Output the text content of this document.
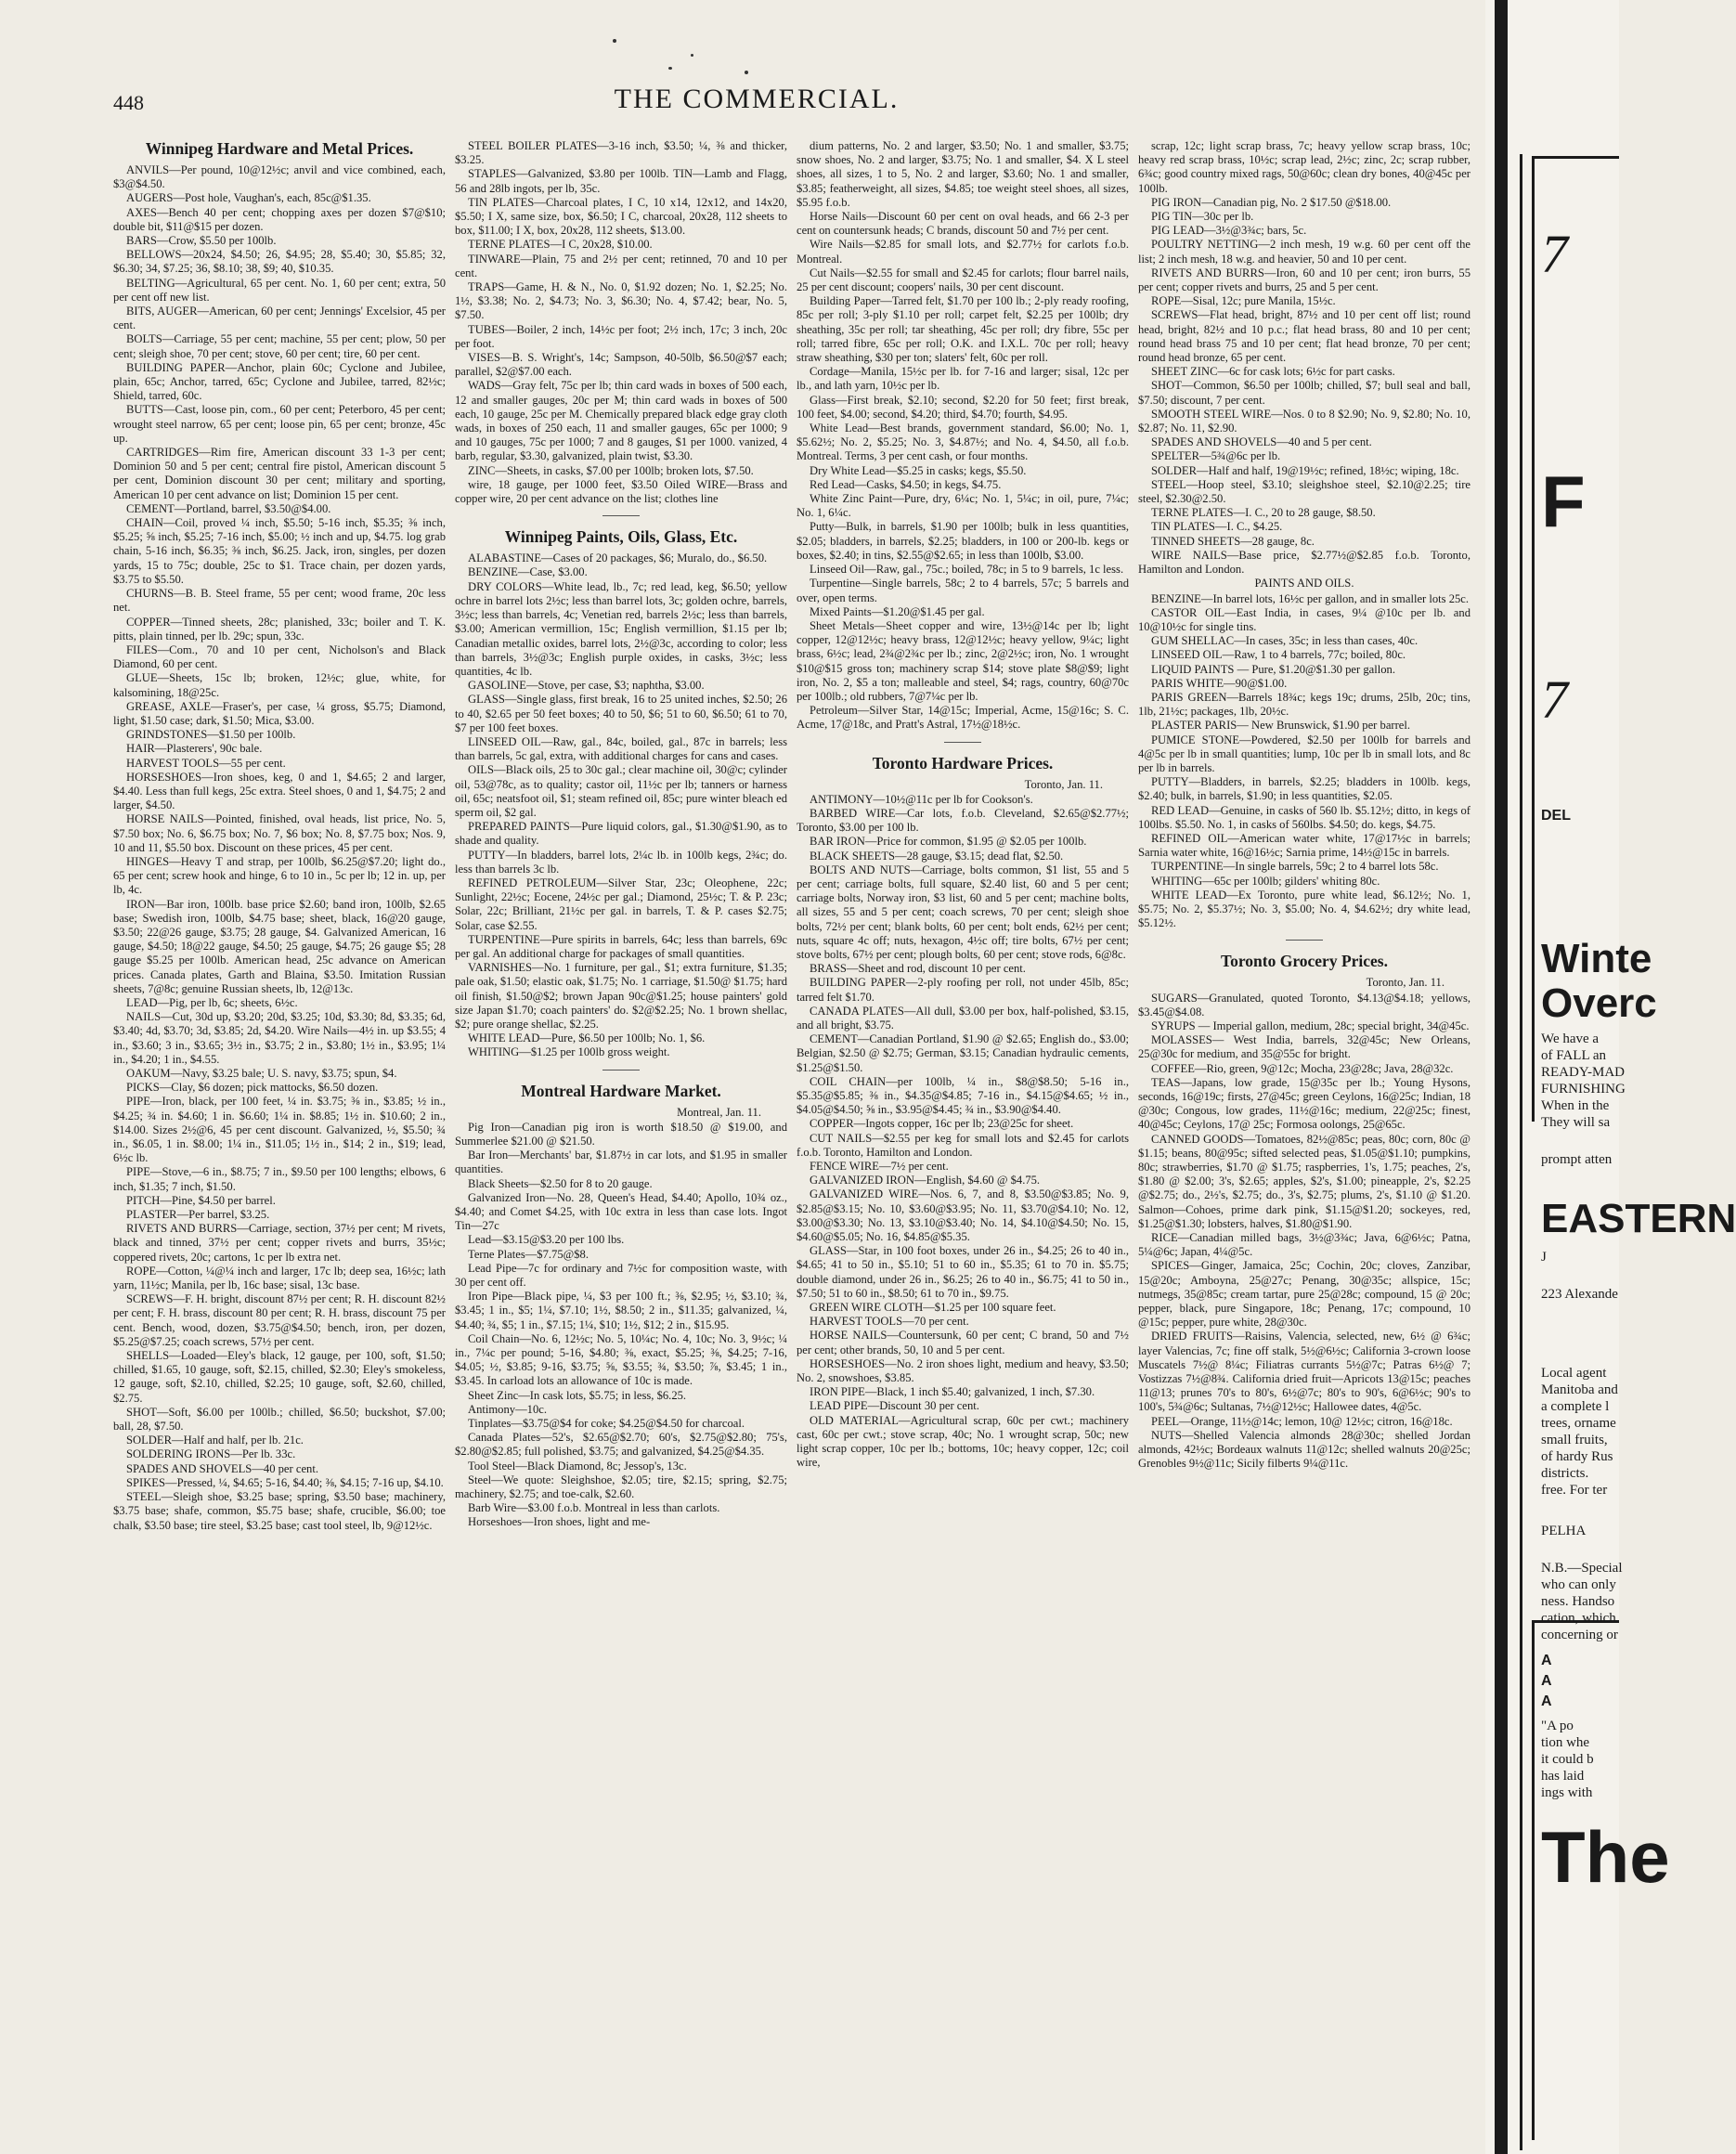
448	THE COMMERCIAL.
Winnipeg Hardware and Metal Prices.

ANVILS—Per pound, 10@12½c; anvil and vice combined, each, $3@$4.50.

AUGERS—Post hole, Vaughan's, each, 85c@$1.35.

AXES—Bench 40 per cent; chopping axes per dozen $7@$10; double bit, $11@$15 per dozen.

BARS—Crow, $5.50 per 100lb.

BELLOWS—20x24, $4.50; 26, $4.95; 28, $5.40; 30, $5.85; 32, $6.30; 34, $7.25; 36, $8.10; 38, $9; 40, $10.35.

BELTING—Agricultural, 65 per cent. No. 1, 60 per cent; extra, 50 per cent off new list.

BITS, AUGER—American, 60 per cent; Jennings' Excelsior, 45 per cent.

BOLTS—Carriage, 55 per cent; machine, 55 per cent; plow, 50 per cent; sleigh shoe, 70 per cent; stove, 60 per cent; tire, 60 per cent.

BUILDING PAPER—Anchor, plain 60c; Cyclone and Jubilee, plain, 65c; Anchor, tarred, 65c; Cyclone and Jubilee, tarred, 82½c; Shield, tarred, 60c.

BUTTS—Cast, loose pin, com., 60 per cent; Peterboro, 45 per cent; wrought steel narrow, 65 per cent; loose pin, 65 per cent; bronze, 45c up.

CARTRIDGES—Rim fire, American discount 33 1-3 per cent; Dominion 50 and 5 per cent; central fire pistol, American discount 5 per cent, Dominion discount 30 per cent; military and sporting, American 10 per cent advance on list; Dominion 15 per cent.

CEMENT—Portland, barrel, $3.50@$4.00.

CHAIN—Coil, proved ¼ inch, $5.50; 5-16 inch, $5.35; ⅜ inch, $5.25; ⅝ inch, $5.25; 7-16 inch, $5.00; ½ inch and up, $4.75. log grab chain, 5-16 inch, $6.35; ⅜ inch, $6.25. Jack, iron, singles, per dozen yards, 15 to 75c; double, 25c to $1. Trace chain, per dozen yards, $3.75 to $5.50.

CHURNS—B. B. Steel frame, 55 per cent; wood frame, 20c less net.

COPPER—Tinned sheets, 28c; planished, 33c; boiler and T. K. pitts, plain tinned, per lb. 29c; spun, 33c.

FILES—Com., 70 and 10 per cent, Nicholson's and Black Diamond, 60 per cent.

GLUE—Sheets, 15c lb; broken, 12½c; glue, white, for kalsomining, 18@25c.

GREASE, AXLE—Fraser's, per case, ¼ gross, $5.75; Diamond, light, $1.50 case; dark, $1.50; Mica, $3.00.

GRINDSTONES—$1.50 per 100lb.

HAIR—Plasterers', 90c bale.

HARVEST TOOLS—55 per cent.

HORSESHOES—Iron shoes, keg, 0 and 1, $4.65; 2 and larger, $4.40. Less than full kegs, 25c extra. Steel shoes, 0 and 1, $4.75; 2 and larger, $4.50.

HORSE NAILS—Pointed, finished, oval heads, list price, No. 5, $7.50 box; No. 6, $6.75 box; No. 7, $6 box; No. 8, $7.75 box; Nos. 9, 10 and 11, $5.50 box. Discount on these prices, 45 per cent.

HINGES—Heavy T and strap, per 100lb, $6.25@$7.20; light do., 65 per cent; screw hook and hinge, 6 to 10 in., 5c per lb; 12 in. up, per lb, 4c.

IRON—Bar iron, 100lb. base price $2.60; band iron, 100lb, $2.65 base; Swedish iron, 100lb, $4.75 base; sheet, black, 16@20 gauge, $3.50; 22@26 gauge, $3.75; 28 gauge, $4. Galvanized American, 16 gauge, $4.50; 18@22 gauge, $4.50; 25 gauge, $4.75; 26 gauge $5; 28 gauge $5.25 per 100lb. American head, 25c advance on American prices. Canada plates, Garth and Blaina, $3.50. Imitation Russian sheets, 7@8c; genuine Russian sheets, lb, 12@13c.

LEAD—Pig, per lb, 6c; sheets, 6½c.

NAILS—Cut, 30d up, $3.20; 20d, $3.25; 10d, $3.30; 8d, $3.35; 6d, $3.40; 4d, $3.70; 3d, $3.85; 2d, $4.20. Wire Nails—4½ in. up $3.55; 4 in., $3.60; 3 in., $3.65; 3½ in., $3.75; 2 in., $3.80; 1½ in., $3.95; 1¼ in., $4.20; 1 in., $4.55.

OAKUM—Navy, $3.25 bale; U. S. navy, $3.75; spun, $4.

PICKS—Clay, $6 dozen; pick mattocks, $6.50 dozen.

PIPE—Iron, black, per 100 feet, ¼ in. $3.75; ⅜ in., $3.85; ½ in., $4.25; ¾ in. $4.60; 1 in. $6.60; 1¼ in. $8.85; 1½ in. $10.60; 2 in., $14.00. Sizes 2½@6, 45 per cent discount. Galvanized, ½, $5.50; ¾ in., $6.05, 1 in. $8.00; 1¼ in., $11.05; 1½ in., $14; 2 in., $19; lead, 6½c lb.

PIPE—Stove,—6 in., $8.75; 7 in., $9.50 per 100 lengths; elbows, 6 inch, $1.35; 7 inch, $1.50.

PITCH—Pine, $4.50 per barrel.

PLASTER—Per barrel, $3.25.

RIVETS AND BURRS—Carriage, section, 37½ per cent; M rivets, black and tinned, 37½ per cent; copper rivets and burrs, 35½c; coppered rivets, 20c; cartons, 1c per lb extra net.

ROPE—Cotton, ¼@¼ inch and larger, 17c lb; deep sea, 16½c; lath yarn, 11½c; Manila, per lb, 16c base; sisal, 13c base.

SCREWS—F. H. bright, discount 87½ per cent; R. H. discount 82½ per cent; F. H. brass, discount 80 per cent; R. H. brass, discount 75 per cent. Bench, wood, dozen, $3.75@$4.50; bench, iron, per dozen, $5.25@$7.25; coach screws, 57½ per cent.

SHELLS—Loaded—Eley's black, 12 gauge, per 100, soft, $1.50; chilled, $1.65, 10 gauge, soft, $2.15, chilled, $2.30; Eley's smokeless, 12 gauge, soft, $2.10, chilled, $2.25; 10 gauge, soft, $2.60, chilled, $2.75.

SHOT—Soft, $6.00 per 100lb.; chilled, $6.50; buckshot, $7.00; ball, 28, $7.50.

SOLDER—Half and half, per lb. 21c.

SOLDERING IRONS—Per lb. 33c.

SPADES AND SHOVELS—40 per cent.

SPIKES—Pressed, ¼, $4.65; 5-16, $4.40; ⅜, $4.15; 7-16 up, $4.10.

STEEL—Sleigh shoe, $3.25 base; spring, $3.50 base; machinery, $3.75 base; shafe, common, $5.75 base; shafe, crucible, $6.00; toe chalk, $3.50 base; tire steel, $3.25 base; cast tool steel, lb, 9@12½c.

STEEL BOILER PLATES—3-16 inch, $3.50; ¼, ⅜ and thicker, $3.25.

STAPLES—Galvanized, $3.80 per 100lb. TIN—Lamb and Flagg, 56 and 28lb ingots, per lb, 35c.

TIN PLATES—Charcoal plates, I C, 10 x14, 12x12, and 14x20, $5.50; I X, same size, box, $6.50; I C, charcoal, 20x28, 112 sheets to box, $11.00; I X, box, 20x28, 112 sheets, $13.00.

TERNE PLATES—I C, 20x28, $10.00.

TINWARE—Plain, 75 and 2½ per cent; retinned, 70 and 10 per cent.

TRAPS—Game, H. & N., No. 0, $1.92 dozen; No. 1, $2.25; No. 1½, $3.38; No. 2, $4.73; No. 3, $6.30; No. 4, $7.42; bear, No. 5, $7.50.

TUBES—Boiler, 2 inch, 14½c per foot; 2½ inch, 17c; 3 inch, 20c per foot.

VISES—B. S. Wright's, 14c; Sampson, 40-50lb, $6.50@$7 each; parallel, $2@$7.00 each.

WADS—Gray felt, 75c per lb; thin card wads in boxes of 500 each, 12 and smaller gauges, 20c per M; thin card wads in boxes of 500 each, 10 gauge, 25c per M. Chemically prepared black edge gray cloth wads, in boxes of 250 each, 11 and smaller gauges, 65c per 1000; 9 and 10 gauges, 75c per 1000; 7 and 8 gauges, $1 per 1000. vanized, 4 barb, regular, $3.30, galvanized, plain twist, $3.30.

ZINC—Sheets, in casks, $7.00 per 100lb; broken lots, $7.50.

wire, 18 gauge, per 1000 feet, $3.50 Oiled WIRE—Brass and copper wire, 20 per cent advance on the list; clothes line

Winnipeg Paints, Oils, Glass, Etc.

ALABASTINE—Cases of 20 packages, $6; Muralo, do., $6.50.

BENZINE—Case, $3.00.

DRY COLORS—White lead, lb., 7c; red lead, keg, $6.50; yellow ochre in barrel lots 2½c; less than barrel lots, 3c; golden ochre, barrels, 3½c; less than barrels, 4c; Venetian red, barrels 2½c; less than barrels, $3.00; American vermillion, 15c; English vermillion, $1.15 per lb; Canadian metallic oxides, barrel lots, 2½@3c, according to color; less than barrels, 3½@3c; English purple oxides, in casks, 3½c; less quantities, 4c lb.

GASOLINE—Stove, per case, $3; naphtha, $3.00.

GLASS—Single glass, first break, 16 to 25 united inches, $2.50; 26 to 40, $2.65 per 50 feet boxes; 40 to 50, $6; 51 to 60, $6.50; 61 to 70, $7 per 100 feet boxes.

LINSEED OIL—Raw, gal., 84c, boiled, gal., 87c in barrels; less than barrels, 5c gal, extra, with additional charges for cans and cases.

OILS—Black oils, 25 to 30c gal.; clear machine oil, 30@c; cylinder oil, 53@78c, as to quality; castor oil, 11½c per lb; tanners or harness oil, 65c; neatsfoot oil, $1; steam refined oil, 85c; pure winter bleach ed sperm oil, $2 gal.

PREPARED PAINTS—Pure liquid colors, gal., $1.30@$1.90, as to shade and quality.

PUTTY—In bladders, barrel lots, 2¼c lb. in 100lb kegs, 2¾c; do. less than barrels 3c lb.

REFINED PETROLEUM—Silver Star, 23c; Oleophene, 22c; Sunlight, 22½c; Eocene, 24½c per gal.; Diamond, 25½c; T. & P. 23c; Solar, 22c; Brilliant, 21½c per gal. in barrels, T. & P. cases $2.75; Solar, case $2.55.

TURPENTINE—Pure spirits in barrels, 64c; less than barrels, 69c per gal. An additional charge for packages of small quantities.

VARNISHES—No. 1 furniture, per gal., $1; extra furniture, $1.35; pale oak, $1.50; elastic oak, $1.75; No. 1 carriage, $1.50@ $1.75; hard oil finish, $1.50@$2; brown Japan 90c@$1.25; house painters' gold size Japan $1.70; coach painters' do. $2@$2.25; No. 1 brown shellac, $2; pure orange shellac, $2.25.

WHITE LEAD—Pure, $6.50 per 100lb; No. 1, $6.

WHITING—$1.25 per 100lb gross weight.

Montreal Hardware Market.
Montreal, Jan. 11.

Pig Iron—Canadian pig iron is worth $18.50 @ $19.00, and Summerlee $21.00 @ $21.50.

Bar Iron—Merchants' bar, $1.87½ in car lots, and $1.95 in smaller quantities.

Black Sheets—$2.50 for 8 to 20 gauge.

Galvanized Iron—No. 28, Queen's Head, $4.40; Apollo, 10¾ oz., $4.40; and Comet $4.25, with 10c extra in less than case lots. Ingot Tin—27c

Lead—$3.15@$3.20 per 100 lbs.

Terne Plates—$7.75@$8.

Lead Pipe—7c for ordinary and 7½c for composition waste, with 30 per cent off.

Iron Pipe—Black pipe, ¼, $3 per 100 ft.; ⅜, $2.95; ½, $3.10; ¾, $3.45; 1 in., $5; 1¼, $7.10; 1½, $8.50; 2 in., $11.35; galvanized, ¼, $4.40; ¾, $5; 1 in., $7.15; 1¼, $10; 1½, $12; 2 in., $15.95.

Coil Chain—No. 6, 12½c; No. 5, 10¼c; No. 4, 10c; No. 3, 9½c; ¼ in., 7¼c per pound; 5-16, $4.80; ⅜, exact, $5.25; ⅜, $4.25; 7-16, $4.05; ½, $3.85; 9-16, $3.75; ⅝, $3.55; ¾, $3.50; ⅞, $3.45; 1 in., $3.45. In carload lots an allowance of 10c is made.

Sheet Zinc—In cask lots, $5.75; in less, $6.25.

Antimony—10c.

Tinplates—$3.75@$4 for coke; $4.25@$4.50 for charcoal.

Canada Plates—52's, $2.65@$2.70; 60's, $2.75@$2.80; 75's, $2.80@$2.85; full polished, $3.75; and galvanized, $4.25@$4.35.

Tool Steel—Black Diamond, 8c; Jessop's, 13c.

Steel—We quote: Sleighshoe, $2.05; tire, $2.15; spring, $2.75; machinery, $2.75; and toe-calk, $2.60.

Barb Wire—$3.00 f.o.b. Montreal in less than carlots.

Horseshoes—Iron shoes, light and me-

dium patterns, No. 2 and larger, $3.50; No. 1 and smaller, $3.75; snow shoes, No. 2 and larger, $3.75; No. 1 and smaller, $4. X L steel shoes, all sizes, 1 to 5, No. 2 and larger, $3.60; No. 1 and smaller, $3.85; featherweight, all sizes, $4.85; toe weight steel shoes, all sizes, $5.95 f.o.b.

Horse Nails—Discount 60 per cent on oval heads, and 66 2-3 per cent on countersunk heads; C brands, discount 50 and 7½ per cent.

Wire Nails—$2.85 for small lots, and $2.77½ for carlots f.o.b. Montreal.

Cut Nails—$2.55 for small and $2.45 for carlots; flour barrel nails, 25 per cent discount; coopers' nails, 30 per cent discount.

Building Paper—Tarred felt, $1.70 per 100 lb.; 2-ply ready roofing, 85c per roll; 3-ply $1.10 per roll; carpet felt, $2.25 per 100lb; dry sheathing, 35c per roll; tar sheathing, 45c per roll; dry fibre, 55c per roll; tarred fibre, 65c per roll; O.K. and I.X.L. 70c per roll; heavy straw sheathing, $30 per ton; slaters' felt, 60c per roll.

Cordage—Manila, 15½c per lb. for 7-16 and larger; sisal, 12c per lb., and lath yarn, 10½c per lb.

Glass—First break, $2.10; second, $2.20 for 50 feet; first break, 100 feet, $4.00; second, $4.20; third, $4.70; fourth, $4.95.

White Lead—Best brands, government standard, $6.00; No. 1, $5.62½; No. 2, $5.25; No. 3, $4.87½; and No. 4, $4.50, all f.o.b. Montreal. Terms, 3 per cent cash, or four months.

Dry White Lead—$5.25 in casks; kegs, $5.50.

Red Lead—Casks, $4.50; in kegs, $4.75.

White Zinc Paint—Pure, dry, 6¼c; No. 1, 5¼c; in oil, pure, 7¼c; No. 1, 6¼c.

Putty—Bulk, in barrels, $1.90 per 100lb; bulk in less quantities, $2.05; bladders, in barrels, $2.25; bladders, in 100 or 200-lb. kegs or boxes, $2.40; in tins, $2.55@$2.65; in less than 100lb, $3.00.

Linseed Oil—Raw, gal., 75c.; boiled, 78c; in 5 to 9 barrels, 1c less.

Turpentine—Single barrels, 58c; 2 to 4 barrels, 57c; 5 barrels and over, open terms.

Mixed Paints—$1.20@$1.45 per gal.

Sheet Metals—Sheet copper and wire, 13½@14c per lb; light copper, 12@12½c; heavy brass, 12@12½c; heavy yellow, 9¼c; light brass, 6½c; lead, 2¾@2¾c per lb.; zinc, 2@2½c; iron, No. 1 wrought $10@$15 gross ton; machinery scrap $14; stove plate $8@$9; light iron, No. 2, $5 a ton; malleable and steel, $4; rags, country, 60@70c per 100lb.; old rubbers, 7@7¼c per lb.

Petroleum—Silver Star, 14@15c; Imperial, Acme, 15@16c; S. C. Acme, 17@18c, and Pratt's Astral, 17½@18½c.

Toronto Hardware Prices.
Toronto, Jan. 11.

ANTIMONY—10½@11c per lb for Cookson's.

BARBED WIRE—Car lots, f.o.b. Cleveland, $2.65@$2.77½; Toronto, $3.00 per 100 lb.

BAR IRON—Price for common, $1.95 @ $2.05 per 100lb.

BLACK SHEETS—28 gauge, $3.15; dead flat, $2.50.

BOLTS AND NUTS—Carriage, bolts common, $1 list, 55 and 5 per cent; carriage bolts, full square, $2.40 list, 60 and 5 per cent; carriage bolts, Norway iron, $3 list, 60 and 5 per cent; machine bolts, all sizes, 55 and 5 per cent; coach screws, 70 per cent; sleigh shoe bolts, 72½ per cent; blank bolts, 60 per cent; bolt ends, 62½ per cent; nuts, square 4c off; nuts, hexagon, 4½c off; tire bolts, 67½ per cent; stove bolts, 67½ per cent; plough bolts, 60 per cent; stove rods, 6@8c.

BRASS—Sheet and rod, discount 10 per cent.

BUILDING PAPER—2-ply roofing per roll, not under 45lb, 85c; tarred felt $1.70.

CANADA PLATES—All dull, $3.00 per box, half-polished, $3.15, and all bright, $3.75.

CEMENT—Canadian Portland, $1.90 @ $2.65; English do., $3.00; Belgian, $2.50 @ $2.75; German, $3.15; Canadian hydraulic cements, $1.25@$1.50.

COIL CHAIN—per 100lb, ¼ in., $8@$8.50; 5-16 in., $5.35@$5.85; ⅜ in., $4.35@$4.85; 7-16 in., $4.15@$4.65; ½ in., $4.05@$4.50; ⅝ in., $3.95@$4.45; ¾ in., $3.90@$4.40.

COPPER—Ingots copper, 16c per lb; 23@25c for sheet.

CUT NAILS—$2.55 per keg for small lots and $2.45 for carlots f.o.b. Toronto, Hamilton and London.

FENCE WIRE—7½ per cent.

GALVANIZED IRON—English, $4.60 @ $4.75.

GALVANIZED WIRE—Nos. 6, 7, and 8, $3.50@$3.85; No. 9, $2.85@$3.15; No. 10, $3.60@$3.95; No. 11, $3.70@$4.10; No. 12, $3.00@$3.30; No. 13, $3.10@$3.40; No. 14, $4.10@$4.50; No. 15, $4.60@$5.05; No. 16, $4.85@$5.35.

GLASS—Star, in 100 foot boxes, under 26 in., $4.25; 26 to 40 in., $4.65; 41 to 50 in., $5.10; 51 to 60 in., $5.35; 61 to 70 in. $5.75; double diamond, under 26 in., $6.25; 26 to 40 in., $6.75; 41 to 50 in., $7.50; 51 to 60 in., $8.50; 61 to 70 in., $9.75.

GREEN WIRE CLOTH—$1.25 per 100 square feet.

HARVEST TOOLS—70 per cent.

HORSE NAILS—Countersunk, 60 per cent; C brand, 50 and 7½ per cent; other brands, 50, 10 and 5 per cent.

HORSESHOES—No. 2 iron shoes light, medium and heavy, $3.50; No. 2, snowshoes, $3.85.

IRON PIPE—Black, 1 inch $5.40; galvanized, 1 inch, $7.30.

LEAD PIPE—Discount 30 per cent.

OLD MATERIAL—Agricultural scrap, 60c per cwt.; machinery cast, 60c per cwt.; stove scrap, 40c; No. 1 wrought scrap, 50c; new light scrap copper, 10c per lb.; bottoms, 10c; heavy copper, 12c; coil wire,

scrap, 12c; light scrap brass, 7c; heavy yellow scrap brass, 10c; heavy red scrap brass, 10½c; scrap lead, 2½c; zinc, 2c; scrap rubber, 6¾c; good country mixed rags, 50@60c; clean dry bones, 40@45c per 100lb.

PIG IRON—Canadian pig, No. 2 $17.50 @$18.00.

PIG TIN—30c per lb.

PIG LEAD—3½@3¾c; bars, 5c.

POULTRY NETTING—2 inch mesh, 19 w.g. 60 per cent off the list; 2 inch mesh, 18 w.g. and heavier, 50 and 10 per cent.

RIVETS AND BURRS—Iron, 60 and 10 per cent; iron burrs, 55 per cent; copper rivets and burrs, 25 and 5 per cent.

ROPE—Sisal, 12c; pure Manila, 15½c.

SCREWS—Flat head, bright, 87½ and 10 per cent off list; round head, bright, 82½ and 10 p.c.; flat head brass, 80 and 10 per cent; round head brass 75 and 10 per cent; flat head bronze, 70 per cent; round head bronze, 65 per cent.

SHEET ZINC—6c for cask lots; 6½c for part casks.

SHOT—Common, $6.50 per 100lb; chilled, $7; bull seal and ball, $7.50; discount, 7 per cent.

SMOOTH STEEL WIRE—Nos. 0 to 8 $2.90; No. 9, $2.80; No. 10, $2.87; No. 11, $2.90.

SPADES AND SHOVELS—40 and 5 per cent.

SPELTER—5¾@6c per lb.

SOLDER—Half and half, 19@19½c; refined, 18½c; wiping, 18c.

STEEL—Hoop steel, $3.10; sleighshoe steel, $2.10@2.25; tire steel, $2.30@2.50.

TERNE PLATES—I. C., 20 to 28 gauge, $8.50.

TIN PLATES—I. C., $4.25.

TINNED SHEETS—28 gauge, 8c.

WIRE NAILS—Base price, $2.77½@$2.85 f.o.b. Toronto, Hamilton and London.

PAINTS AND OILS.

BENZINE—In barrel lots, 16½c per gallon, and in smaller lots 25c.

CASTOR OIL—East India, in cases, 9¼ @10c per lb. and 10@10½c for single tins.

GUM SHELLAC—In cases, 35c; in less than cases, 40c.

LINSEED OIL—Raw, 1 to 4 barrels, 77c; boiled, 80c.

LIQUID PAINTS — Pure, $1.20@$1.30 per gallon.

PARIS WHITE—90@$1.00.

PARIS GREEN—Barrels 18¾c; kegs 19c; drums, 25lb, 20c; tins, 1lb, 21½c; packages, 1lb, 20½c.

PLASTER PARIS— New Brunswick, $1.90 per barrel.

PUMICE STONE—Powdered, $2.50 per 100lb for barrels and 4@5c per lb in small quantities; lump, 10c per lb in small lots, and 8c per lb in barrels.

PUTTY—Bladders, in barrels, $2.25; bladders in 100lb. kegs, $2.40; bulk, in barrels, $1.90; in less quantities, $2.05.

RED LEAD—Genuine, in casks of 560 lb. $5.12½; ditto, in kegs of 100lbs. $5.50. No. 1, in casks of 560lbs. $4.50; do. kegs, $4.75.

REFINED OIL—American water white, 17@17½c in barrels; Sarnia water white, 16@16½c; Sarnia prime, 14½@15c in barrels.

TURPENTINE—In single barrels, 59c; 2 to 4 barrel lots 58c.

WHITING—65c per 100lb; gilders' whiting 80c.

WHITE LEAD—Ex Toronto, pure white lead, $6.12½; No. 1, $5.75; No. 2, $5.37½; No. 3, $5.00; No. 4, $4.62½; dry white lead, $5.12½.

Toronto Grocery Prices.
Toronto, Jan. 11.

SUGARS—Granulated, quoted Toronto, $4.13@$4.18; yellows, $3.45@$4.08.

SYRUPS — Imperial gallon, medium, 28c; special bright, 34@45c.

MOLASSES— West India, barrels, 32@45c; New Orleans, 25@30c for medium, and 35@55c for bright.

COFFEE—Rio, green, 9@12c; Mocha, 23@28c; Java, 28@32c.

TEAS—Japans, low grade, 15@35c per lb.; Young Hysons, seconds, 16@19c; firsts, 27@45c; green Ceylons, 16@25c; Indian, 18 @30c; Congous, low grades, 11½@16c; medium, 22@25c; finest, 40@45c; Ceylons, 17@ 25c; Formosa oolongs, 25@65c.

CANNED GOODS—Tomatoes, 82½@85c; peas, 80c; corn, 80c @ $1.15; beans, 80@95c; sifted selected peas, $1.05@$1.10; pumpkins, 80c; strawberries, $1.70 @ $1.75; raspberries, 1's, 1.75; peaches, 2's, $1.80 @ $2.00; 3's, $2.65; apples, $2's, $1.00; pineapple, 2's, $2.25 @$2.75; do., 2½'s, $2.75; do., 3's, $2.75; plums, 2's, $1.10 @ $1.20. Salmon—Cohoes, prime dark pink, $1.15@$1.20; sockeyes, red, $1.25@$1.30; lobsters, halves, $1.80@$1.90.

RICE—Canadian milled bags, 3½@3¾c; Java, 6@6½c; Patna, 5¼@6c; Japan, 4¼@5c.

SPICES—Ginger, Jamaica, 25c; Cochin, 20c; cloves, Zanzibar, 15@20c; Amboyna, 25@27c; Penang, 30@35c; allspice, 15c; nutmegs, 35@85c; cream tartar, pure 25@28c; compound, 15 @ 20c; pepper, black, pure Singapore, 18c; Penang, 17c; compound, 10 @15c; pepper, pure white, 28@30c.

DRIED FRUITS—Raisins, Valencia, selected, new, 6½ @ 6¾c; layer Valencias, 7c; fine off stalk, 5½@6½c; California 3-crown loose Muscatels 7½@ 8¼c; Filiatras currants 5½@7c; Patras 6½@ 7; Vostizzas 7½@8¾. California dried fruit—Apricots 13@15c; peaches 11@13; prunes 70's to 80's, 6½@7c; 80's to 90's, 6@6½c; 90's to 100's, 5¾@6c; Sultanas, 7½@12½c; Hallowee dates, 4@5c.

PEEL—Orange, 11½@14c; lemon, 10@ 12½c; citron, 16@18c.

NUTS—Shelled Valencia almonds 28@30c; shelled Jordan almonds, 42½c; Bordeaux walnuts 11@12c; shelled walnuts 20@25c; Grenobles 9½@11c; Sicily filberts 9¼@11c.

7
F
7
DEL
Winte
Overc
We have a
of FALL an
READY-MAD
FURNISHING
When in the
They will sa
prompt atten
EASTERN
J
223 Alexande
Local agent
Manitoba and
a complete l
trees, orname
small fruits,
of hardy Rus
districts.
free. For ter
PELHA
N.B.—Special
who can only
ness. Handso
cation, which
concerning or
A
A
A
"A po
tion whe
it could b
has laid
ings with
The
